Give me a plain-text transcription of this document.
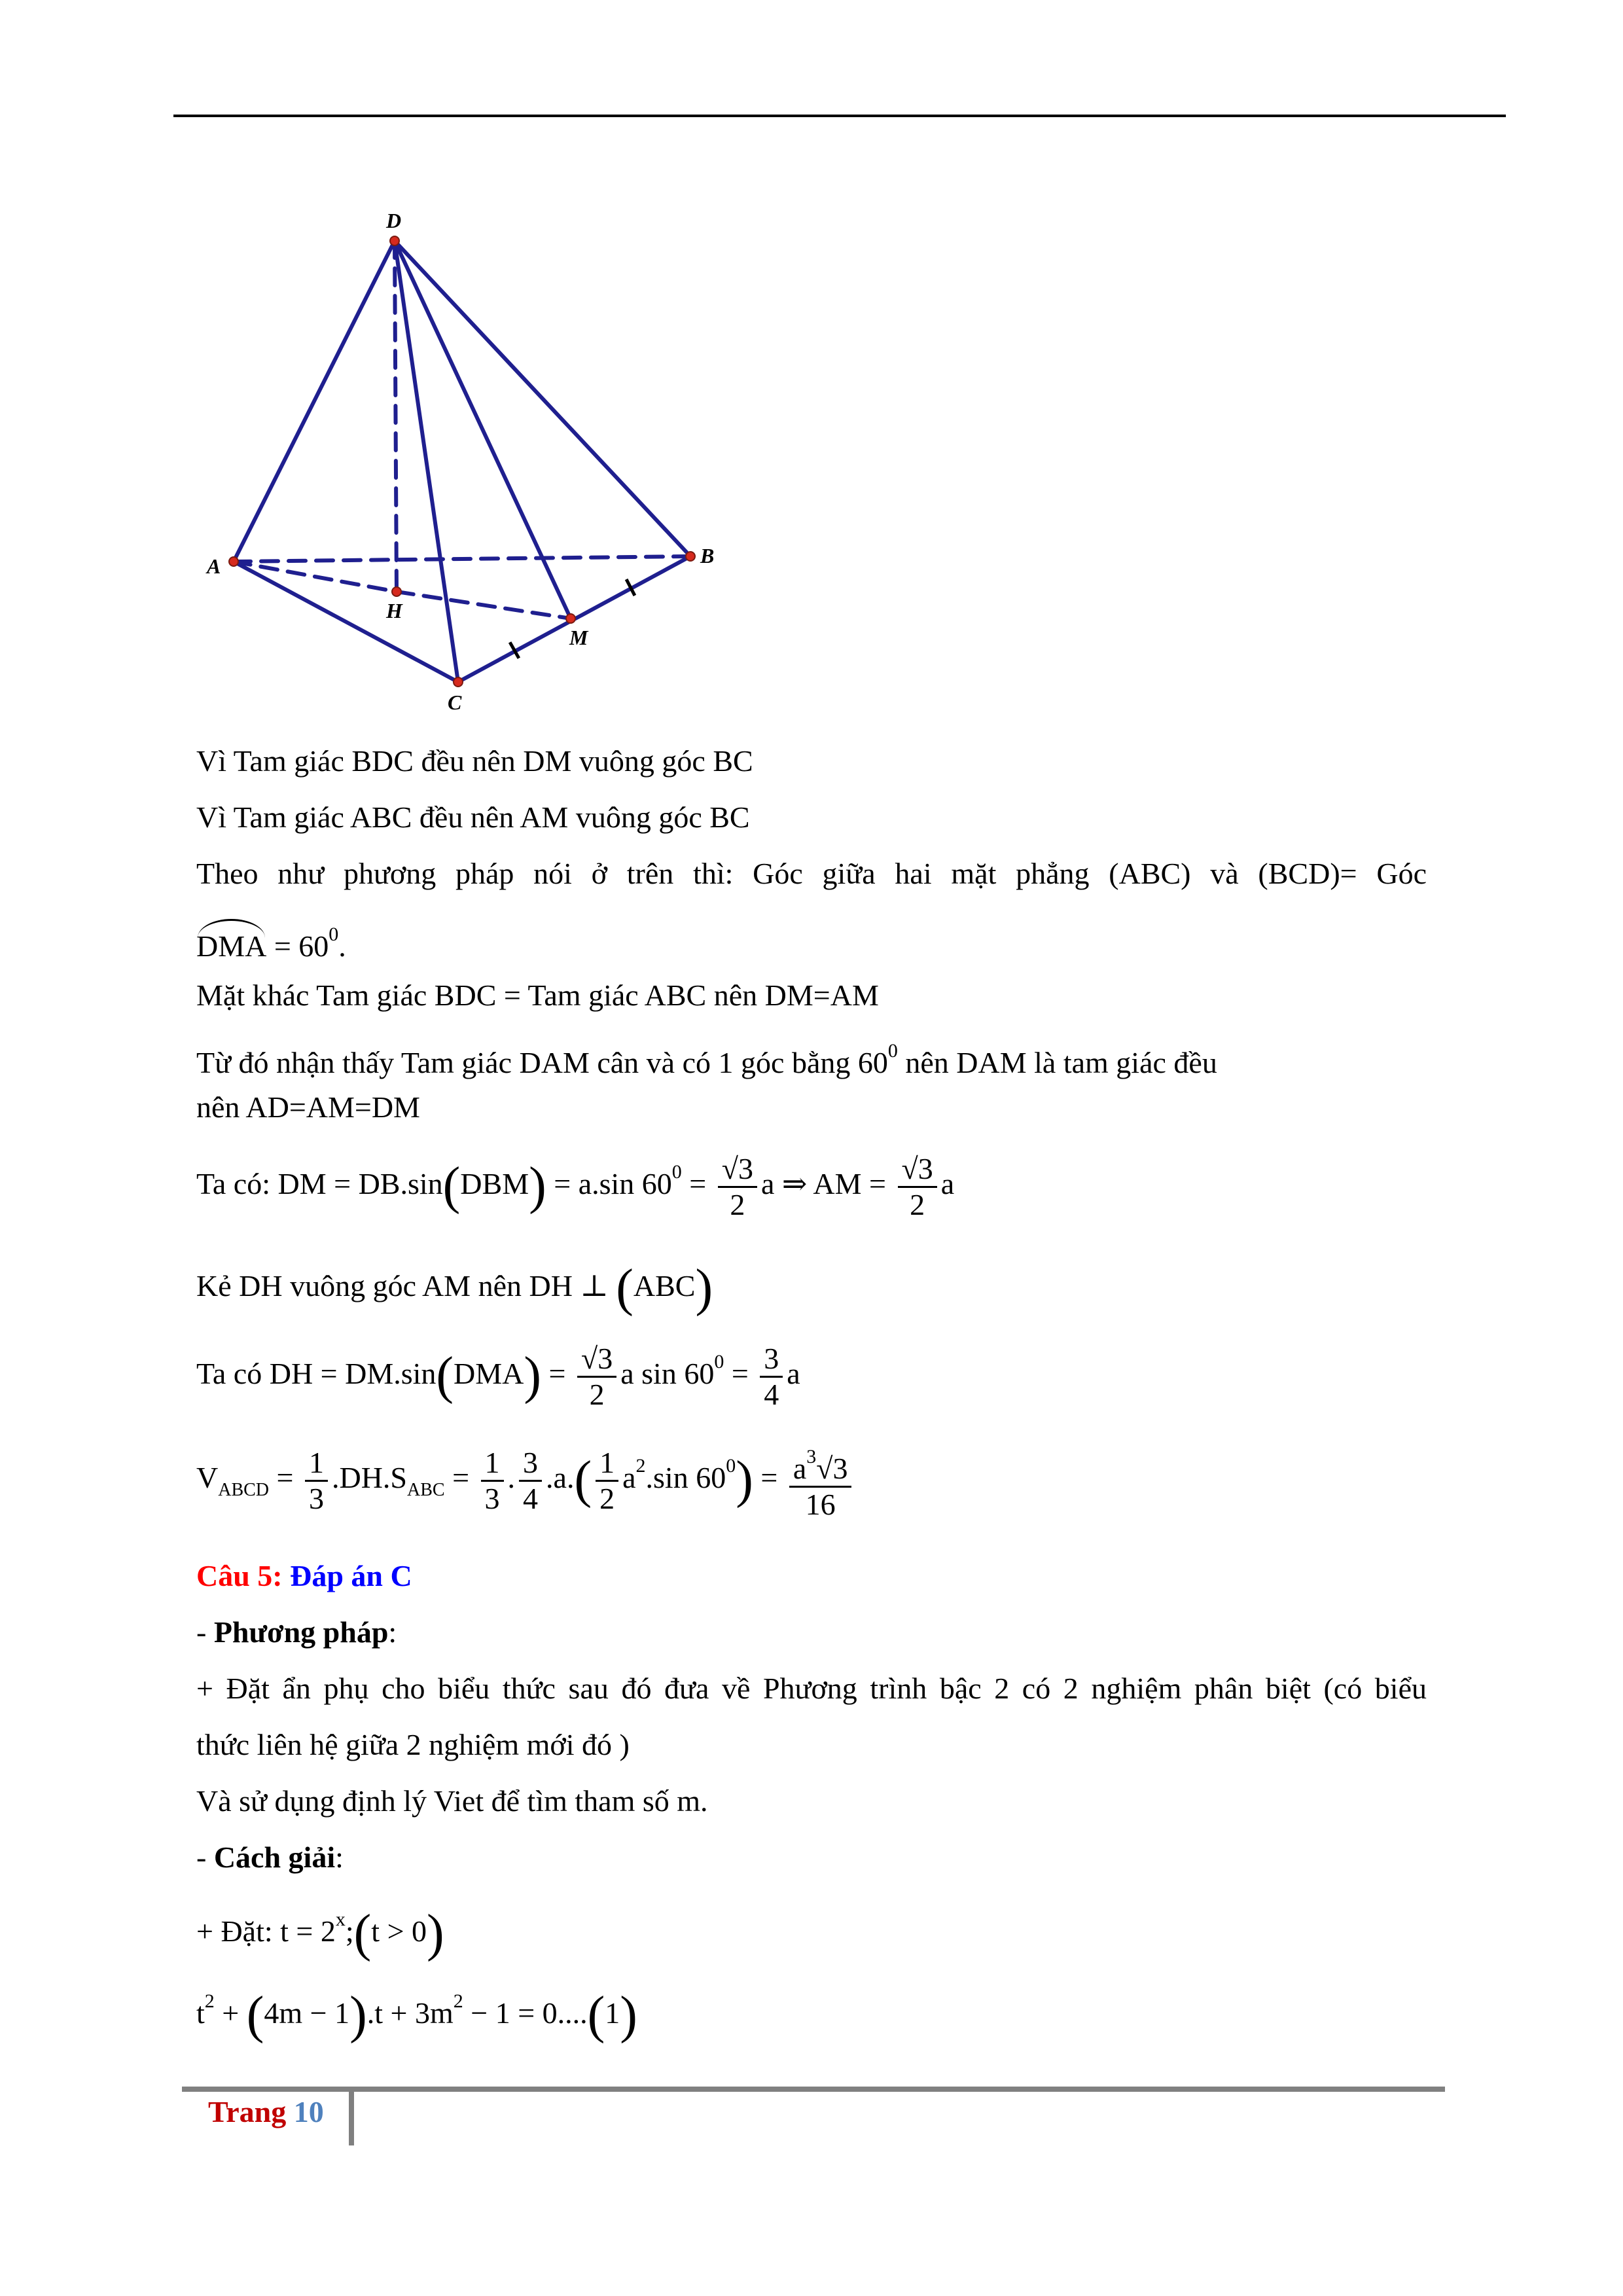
D
A	B
H
M
C
Vì Tam giác BDC đều nên DM vuông góc BC
Vì Tam giác ABC đều nên AM vuông góc BC
Theo như phương pháp nói ở trên thì: Góc giữa hai mặt phẳng (ABC) và (BCD)= Góc
DMA = $60^0$.
Mặt khác Tam giác BDC = Tam giác ABC nên DM=AM
Từ đó nhận thấy Tam giác DAM cân và có 1 góc bằng $60^0$ nên DAM là tam giác đều
nên AD=AM=DM
Ta có: DM = DB.sin(DBM) = a.sin $60^0 = \frac{√3}{2}$ a ⇒ AM = $\frac{√3}{2}$ a
Kẻ DH vuông góc AM nên DH ⊥ (ABC)
Ta có DH = $DM.\sin(DMA) = \frac{√3}{2}$ a $\sin 60^0 = \frac{3}{4}$ a
$V_{ABCD} = \frac{1}{3} .DH.S_{ABC} = \frac{1}{3}$ . $\frac{3}{4} .a.( \frac{1}{2} a^2.\sin$ $60^0) = \frac{a^3√3}{16}$
Câu 5: Đáp án C
- Phương pháp:
+ Đặt ẩn phụ cho biểu thức sau đó đưa về Phương trình bậc 2 có 2 nghiệm phân biệt (có biểu
thức liên hệ giữa 2 nghiệm mới đó )
Và sử dụng định lý Viet để tìm tham số m.
- Cách giải:
+ Đặt: $t = 2^x;(t > 0)$
$t^2 + (4m - 1).t + 3m^2 - 1 = 0....(1)$
Trang 10
